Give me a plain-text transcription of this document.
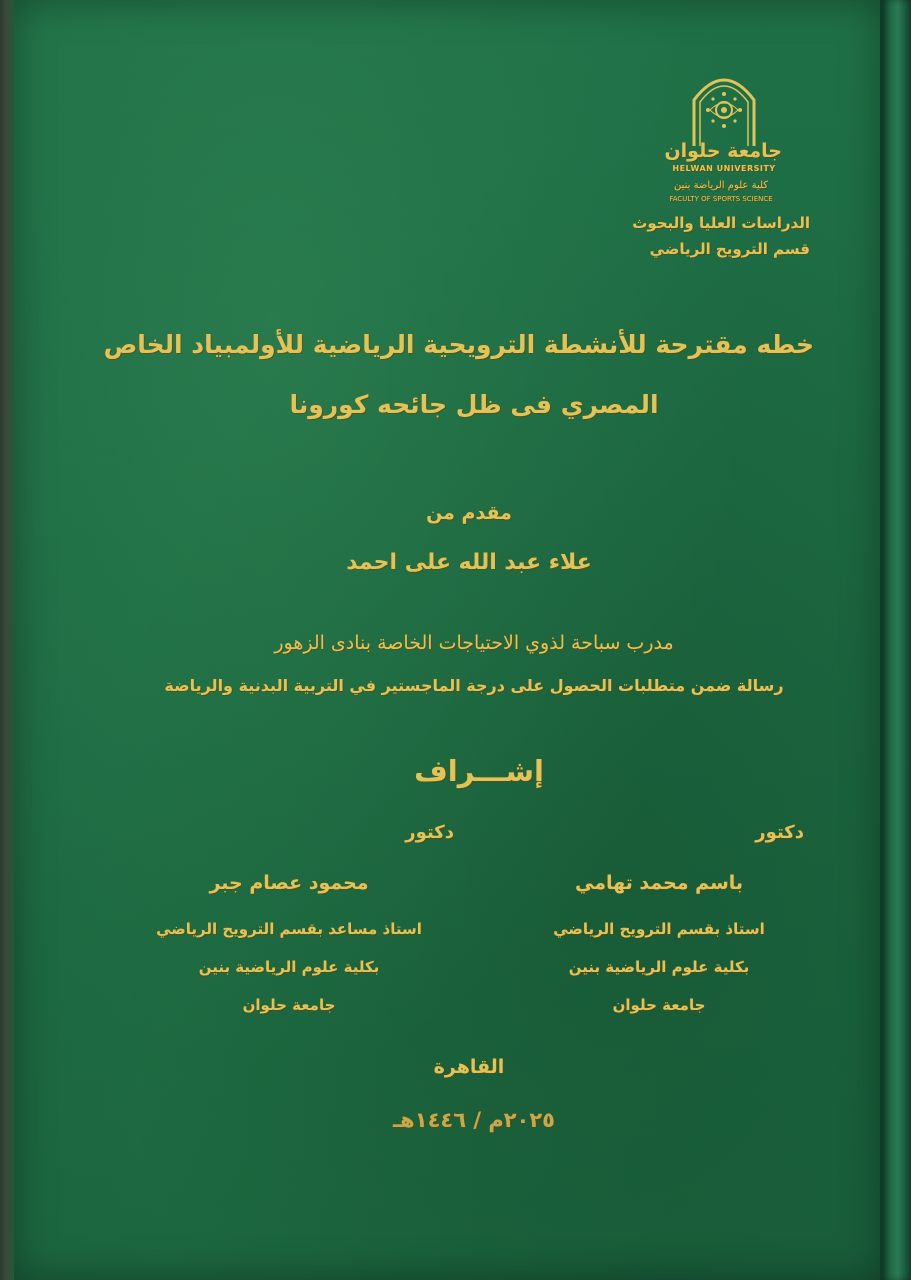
جامعة حلوان
HELWAN UNIVERSITY
كلية علوم الرياضة بنين
FACULTY OF SPORTS SCIENCE
الدراسات العليا والبحوث
قسم الترويح الرياضي
خطه مقترحة للأنشطة الترويحية الرياضية للأولمبياد الخاص
المصري فى ظل جائحه كورونا
مقدم من
علاء عبد الله على احمد
مدرب سباحة لذوي الاحتياجات الخاصة بنادى الزهور
رسالة ضمن متطلبات الحصول على درجة الماجستير في التربية البدنية والرياضة
إشـــراف
دكتور
باسم محمد تهامي
استاذ بقسم الترويح الرياضي
بكلية علوم الرياضية بنين
جامعة حلوان
دكتور
محمود عصام جبر
استاذ مساعد بقسم الترويح الرياضي
بكلية علوم الرياضية بنين
جامعة حلوان
القاهرة
٢٠٢٥م / ١٤٤٦هـ
